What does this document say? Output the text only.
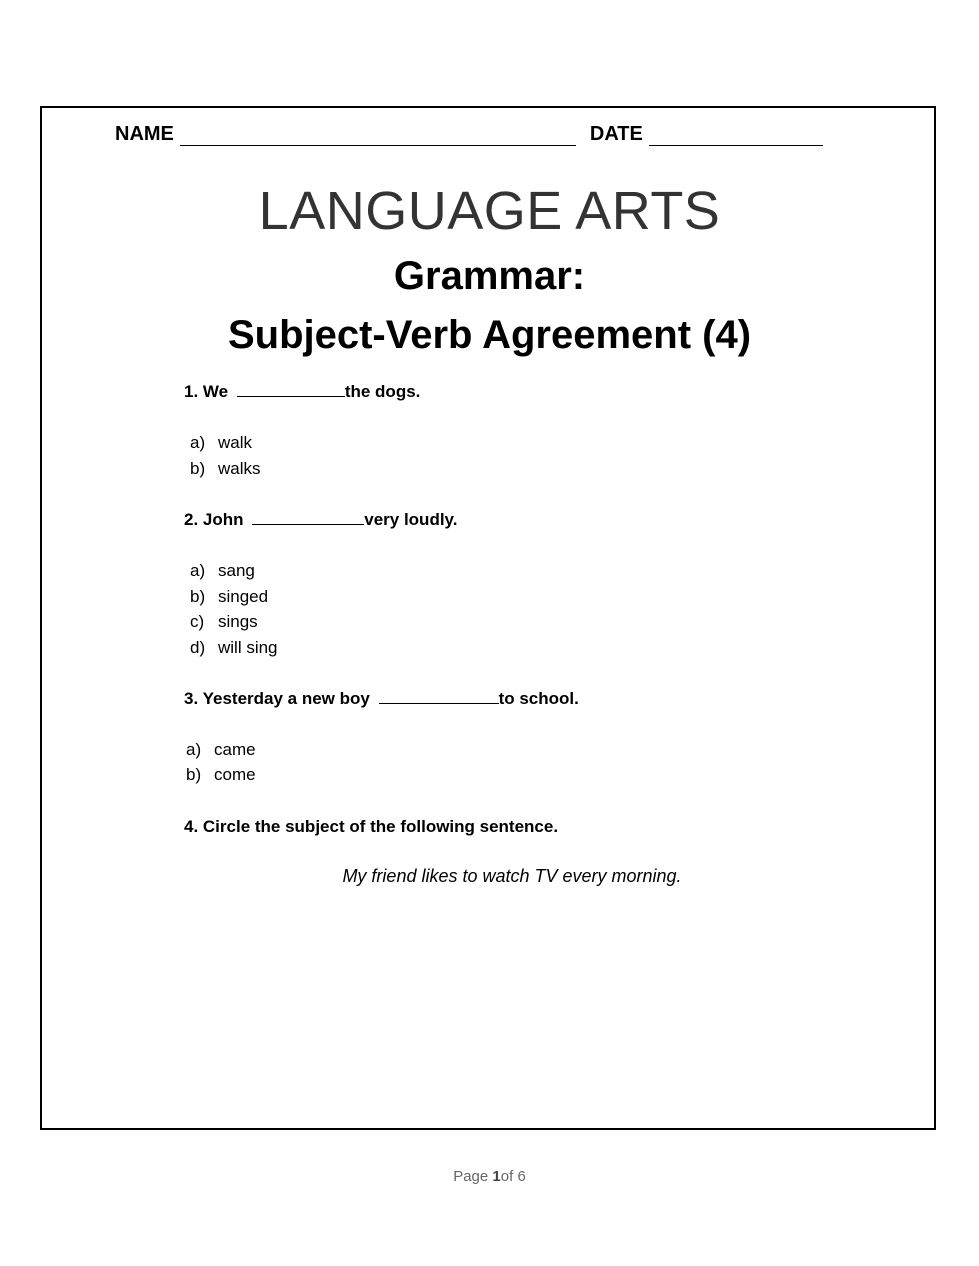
NAME	DATE
LANGUAGE ARTS
Grammar:
Subject-Verb Agreement (4)
1. We	the dogs.
a) walk
b) walks
2. John	very loudly.
a) sang
b) singed
c) sings
d) will sing
3. Yesterday a new boy	to school.
a) came
b) come
4. Circle the subject of the following sentence.
My friend likes to watch TV every morning.
Page 1of 6
